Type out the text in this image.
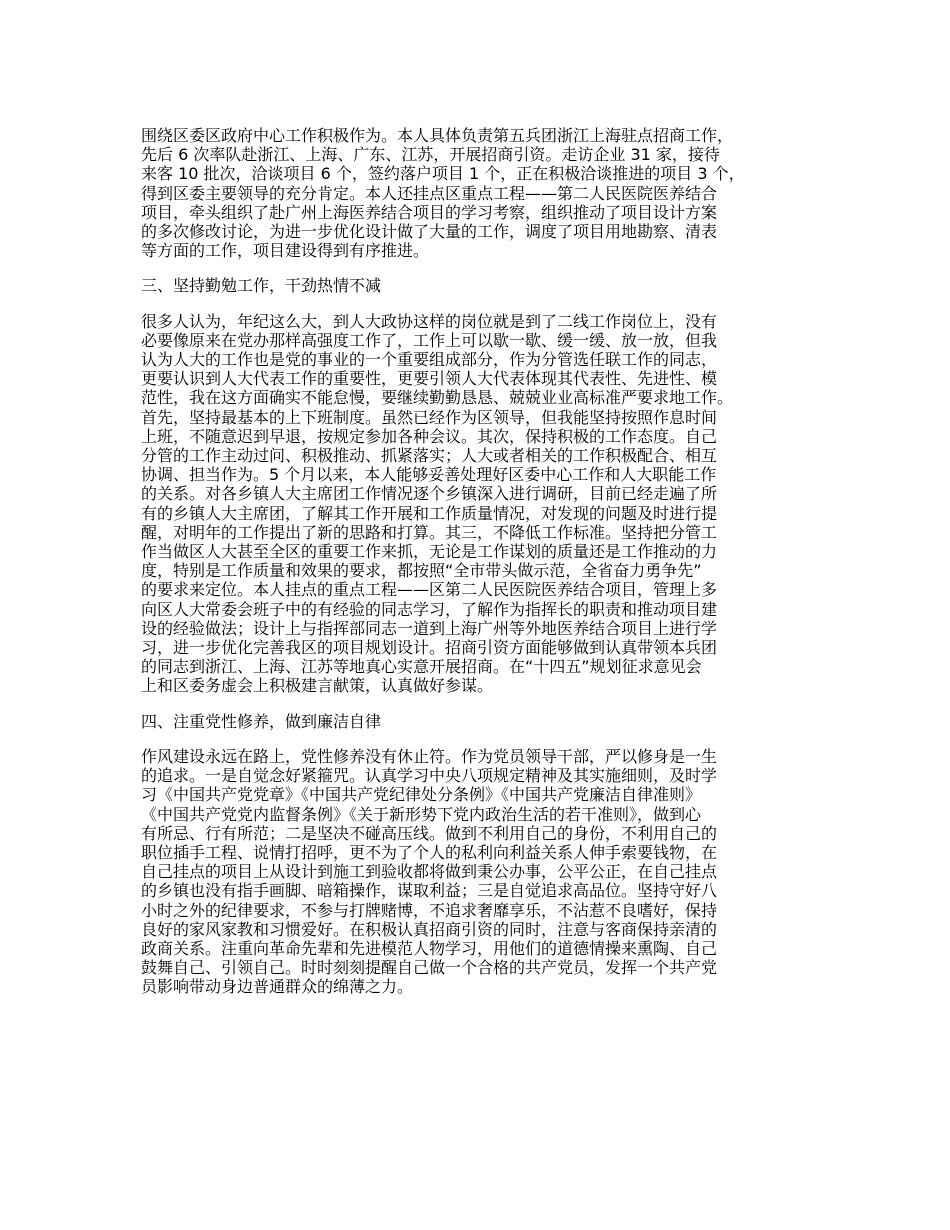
围绕区委区政府中心工作积极作为。本人具体负责第五兵团浙江上海驻点招商工作，
先后 6 次率队赴浙江、上海、广东、江苏，开展招商引资。走访企业 31 家，接待
来客 10 批次，洽谈项目 6 个，签约落户项目 1 个，正在积极洽谈推进的项目 3 个，
得到区委主要领导的充分肯定。本人还挂点区重点工程——第二人民医院医养结合
项目，牵头组织了赴广州上海医养结合项目的学习考察，组织推动了项目设计方案
的多次修改讨论，为进一步优化设计做了大量的工作，调度了项目用地勘察、清表
等方面的工作，项目建设得到有序推进。

三、坚持勤勉工作，干劲热情不减

很多人认为，年纪这么大，到人大政协这样的岗位就是到了二线工作岗位上，没有
必要像原来在党办那样高强度工作了，工作上可以歇一歇、缓一缓、放一放，但我
认为人大的工作也是党的事业的一个重要组成部分，作为分管选任联工作的同志，
更要认识到人大代表工作的重要性，更要引领人大代表体现其代表性、先进性、模
范性，我在这方面确实不能怠慢，要继续勤勤恳恳、兢兢业业高标准严要求地工作。
首先，坚持最基本的上下班制度。虽然已经作为区领导，但我能坚持按照作息时间
上班，不随意迟到早退，按规定参加各种会议。其次，保持积极的工作态度。自己
分管的工作主动过问、积极推动、抓紧落实；人大或者相关的工作积极配合、相互
协调、担当作为。5 个月以来，本人能够妥善处理好区委中心工作和人大职能工作
的关系。对各乡镇人大主席团工作情况逐个乡镇深入进行调研，目前已经走遍了所
有的乡镇人大主席团，了解其工作开展和工作质量情况，对发现的问题及时进行提
醒，对明年的工作提出了新的思路和打算。其三，不降低工作标准。坚持把分管工
作当做区人大甚至全区的重要工作来抓，无论是工作谋划的质量还是工作推动的力
度，特别是工作质量和效果的要求，都按照“全市带头做示范，全省奋力勇争先”
的要求来定位。本人挂点的重点工程——区第二人民医院医养结合项目，管理上多
向区人大常委会班子中的有经验的同志学习，了解作为指挥长的职责和推动项目建
设的经验做法；设计上与指挥部同志一道到上海广州等外地医养结合项目上进行学
习，进一步优化完善我区的项目规划设计。招商引资方面能够做到认真带领本兵团
的同志到浙江、上海、江苏等地真心实意开展招商。在“十四五”规划征求意见会
上和区委务虚会上积极建言献策，认真做好参谋。

四、注重党性修养，做到廉洁自律

作风建设永远在路上，党性修养没有休止符。作为党员领导干部，严以修身是一生
的追求。一是自觉念好紧箍咒。认真学习中央八项规定精神及其实施细则，及时学
习《中国共产党党章》《中国共产党纪律处分条例》《中国共产党廉洁自律准则》
《中国共产党党内监督条例》《关于新形势下党内政治生活的若干准则》，做到心
有所忌、行有所范；二是坚决不碰高压线。做到不利用自己的身份，不利用自己的
职位插手工程、说情打招呼，更不为了个人的私利向利益关系人伸手索要钱物，在
自己挂点的项目上从设计到施工到验收都将做到秉公办事，公平公正，在自己挂点
的乡镇也没有指手画脚、暗箱操作，谋取利益；三是自觉追求高品位。坚持守好八
小时之外的纪律要求，不参与打牌赌博，不追求奢靡享乐，不沾惹不良嗜好，保持
良好的家风家教和习惯爱好。在积极认真招商引资的同时，注意与客商保持亲清的
政商关系。注重向革命先辈和先进模范人物学习，用他们的道德情操来熏陶、自己
鼓舞自己、引领自己。时时刻刻提醒自己做一个合格的共产党员，发挥一个共产党
员影响带动身边普通群众的绵薄之力。
